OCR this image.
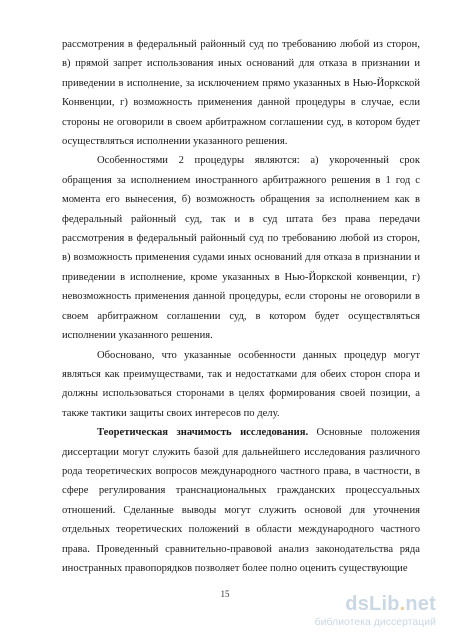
рассмотрения в федеральный районный суд по требованию любой из сторон, в) прямой запрет использования иных оснований для отказа в признании и приведении в исполнение, за исключением прямо указанных в Нью-Йоркской Конвенции, г) возможность применения данной процедуры в случае, если стороны не оговорили в своем арбитражном соглашении суд, в котором будет осуществляться исполнении указанного решения.

Особенностями 2 процедуры являются: а) укороченный срок обращения за исполнением иностранного арбитражного решения в 1 год с момента его вынесения, б) возможность обращения за исполнением как в федеральный районный суд, так и в суд штата без права передачи рассмотрения в федеральный районный суд по требованию любой из сторон, в) возможность применения судами иных оснований для отказа в признании и приведении в исполнение, кроме указанных в Нью-Йоркской конвенции, г) невозможность применения данной процедуры, если стороны не оговорили в своем арбитражном соглашении суд, в котором будет осуществляться исполнении указанного решения.

Обосновано, что указанные особенности данных процедур могут являться как преимуществами, так и недостатками для обеих сторон спора и должны использоваться сторонами в целях формирования своей позиции, а также тактики защиты своих интересов по делу.

Теоретическая значимость исследования. Основные положения диссертации могут служить базой для дальнейшего исследования различного рода теоретических вопросов международного частного права, в частности, в сфере регулирования транснациональных гражданских процессуальных отношений. Сделанные выводы могут служить основой для уточнения отдельных теоретических положений в области международного частного права. Проведенный сравнительно-правовой анализ законодательства ряда иностранных правопорядков позволяет более полно оценить существующие

15	dsLib.net
библиотека диссертаций
